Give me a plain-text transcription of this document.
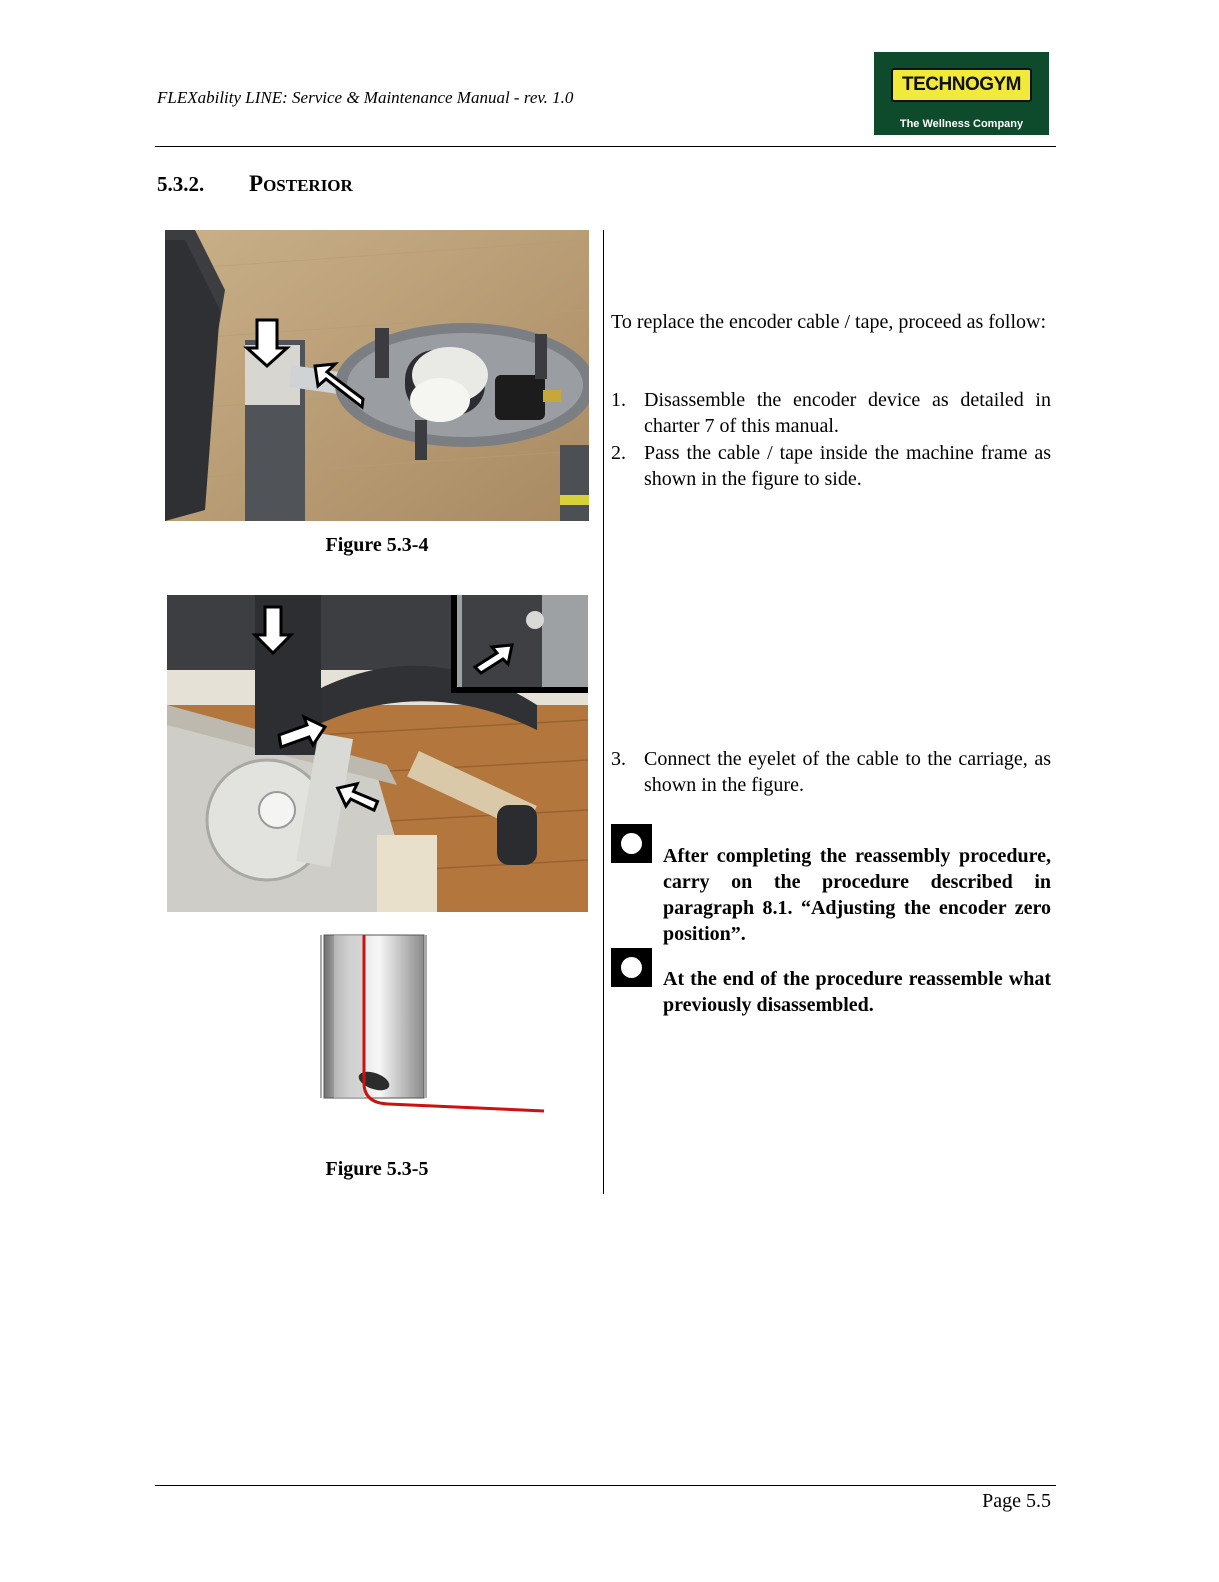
FLEXability LINE: Service & Maintenance Manual - rev. 1.0
TECHNOGYM
The Wellness Company
5.3.2. POSTERIOR
Figure 5.3-4
Figure 5.3-5
To replace the encoder cable / tape, proceed as follow:
1. Disassemble the encoder device as detailed in charter 7 of this manual.
2. Pass the cable / tape inside the machine frame as shown in the figure to side.
3. Connect the eyelet of the cable to the carriage, as shown in the figure.
After completing the reassembly procedure, carry on the procedure described in paragraph 8.1. “Adjusting the encoder zero position”.
At the end of the procedure reassemble what previously disassembled.
Page 5.5
